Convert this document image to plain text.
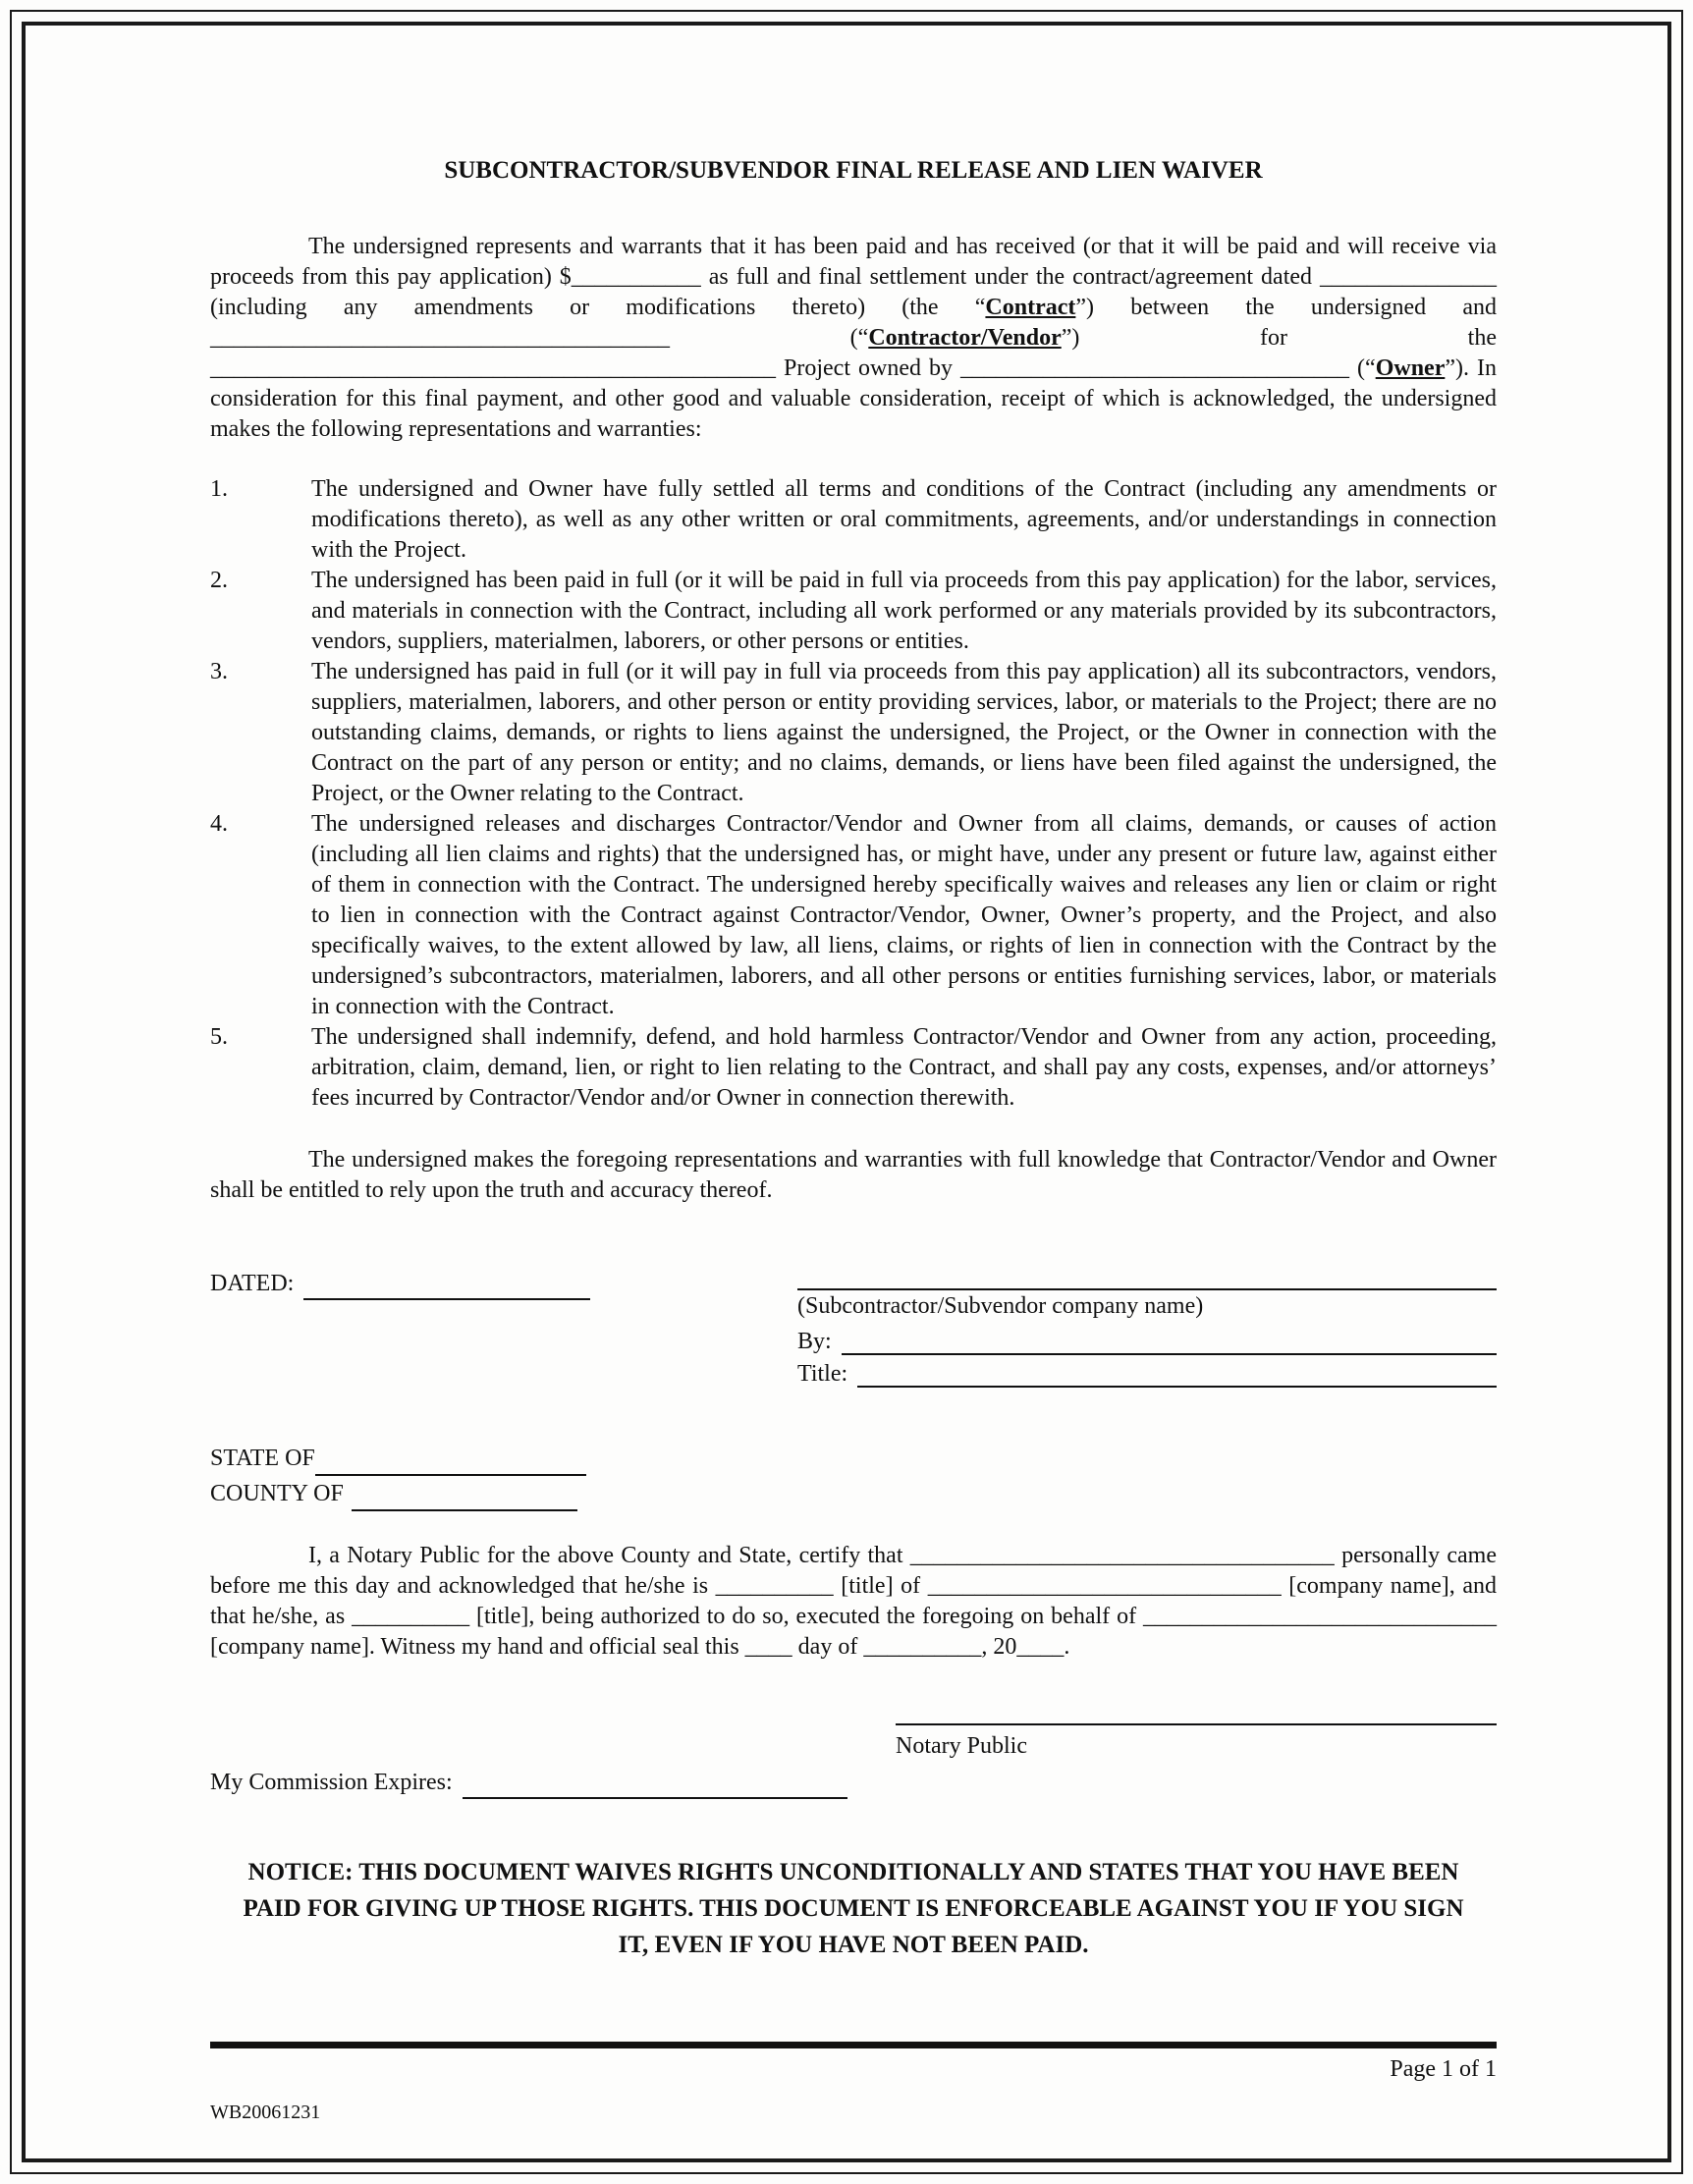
SUBCONTRACTOR/SUBVENDOR FINAL RELEASE AND LIEN WAIVER

The undersigned represents and warrants that it has been paid and has received (or that it will be paid and will receive via proceeds from this pay application) $___________ as full and final settlement under the contract/agreement dated _______________ (including any amendments or modifications thereto) (the “Contract”) between the undersigned and _______________________________________ (“Contractor/Vendor”) for the ________________________________________________ Project owned by _________________________________ (“Owner”). In consideration for this final payment, and other good and valuable consideration, receipt of which is acknowledged, the undersigned makes the following representations and warranties:

1.	The undersigned and Owner have fully settled all terms and conditions of the Contract (including any amendments or modifications thereto), as well as any other written or oral commitments, agreements, and/or understandings in connection with the Project.
2.	The undersigned has been paid in full (or it will be paid in full via proceeds from this pay application) for the labor, services, and materials in connection with the Contract, including all work performed or any materials provided by its subcontractors, vendors, suppliers, materialmen, laborers, or other persons or entities.
3.	The undersigned has paid in full (or it will pay in full via proceeds from this pay application) all its subcontractors, vendors, suppliers, materialmen, laborers, and other person or entity providing services, labor, or materials to the Project; there are no outstanding claims, demands, or rights to liens against the undersigned, the Project, or the Owner in connection with the Contract on the part of any person or entity; and no claims, demands, or liens have been filed against the undersigned, the Project, or the Owner relating to the Contract.
4.	The undersigned releases and discharges Contractor/Vendor and Owner from all claims, demands, or causes of action (including all lien claims and rights) that the undersigned has, or might have, under any present or future law, against either of them in connection with the Contract. The undersigned hereby specifically waives and releases any lien or claim or right to lien in connection with the Contract against Contractor/Vendor, Owner, Owner’s property, and the Project, and also specifically waives, to the extent allowed by law, all liens, claims, or rights of lien in connection with the Contract by the undersigned’s subcontractors, materialmen, laborers, and all other persons or entities furnishing services, labor, or materials in connection with the Contract.
5.	The undersigned shall indemnify, defend, and hold harmless Contractor/Vendor and Owner from any action, proceeding, arbitration, claim, demand, lien, or right to lien relating to the Contract, and shall pay any costs, expenses, and/or attorneys’ fees incurred by Contractor/Vendor and/or Owner in connection therewith.

The undersigned makes the foregoing representations and warranties with full knowledge that Contractor/Vendor and Owner shall be entitled to rely upon the truth and accuracy thereof.

DATED:
(Subcontractor/Subvendor company name)
By:
Title:
STATE OF
COUNTY OF

I, a Notary Public for the above County and State, certify that ____________________________________ personally came before me this day and acknowledged that he/she is __________ [title] of ______________________________ [company name], and that he/she, as __________ [title], being authorized to do so, executed the foregoing on behalf of ______________________________ [company name]. Witness my hand and official seal this ____ day of __________, 20____.

Notary Public
My Commission Expires:

NOTICE: THIS DOCUMENT WAIVES RIGHTS UNCONDITIONALLY AND STATES THAT YOU HAVE BEEN PAID FOR GIVING UP THOSE RIGHTS. THIS DOCUMENT IS ENFORCEABLE AGAINST YOU IF YOU SIGN IT, EVEN IF YOU HAVE NOT BEEN PAID.

Page 1 of 1
WB20061231
